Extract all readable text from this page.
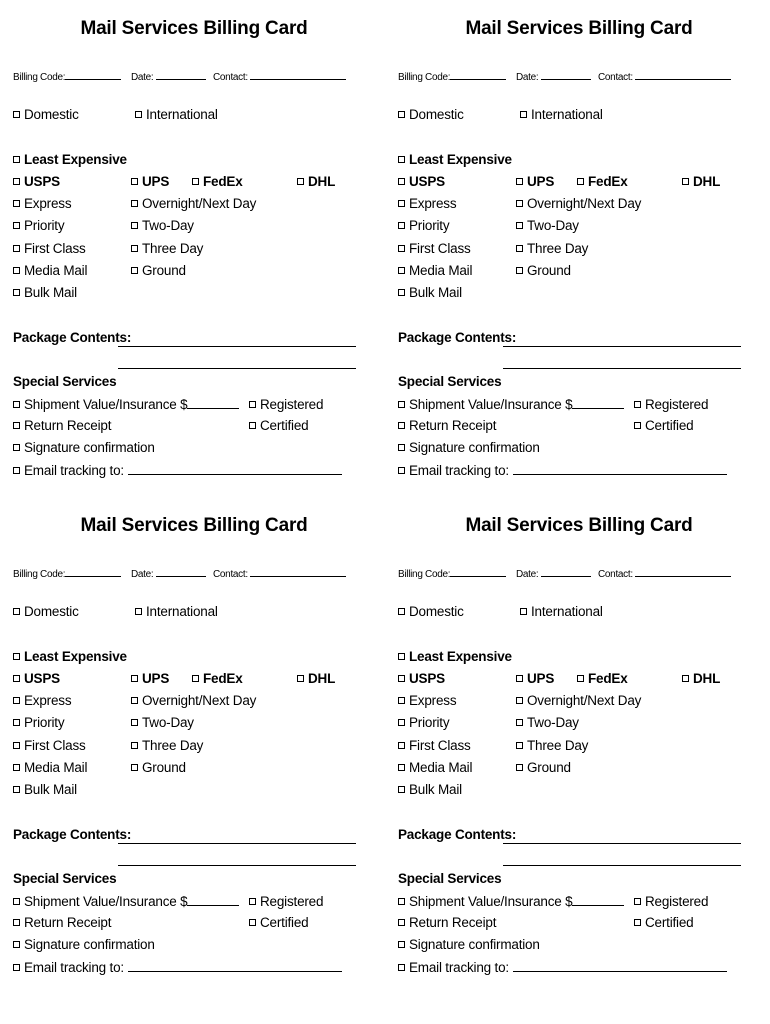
Mail Services Billing Card
Billing Code:	Date:	Contact:
Domestic	International
Least Expensive
USPS	UPS	FedEx	DHL
Express	Overnight/Next Day
Priority	Two-Day
First Class	Three Day
Media Mail	Ground
Bulk Mail
Package Contents:
Special Services
Shipment Value/Insurance $	Registered
Return Receipt	Certified
Signature confirmation
Email tracking to:
Mail Services Billing Card
Billing Code:	Date:	Contact:
Domestic	International
Least Expensive
USPS	UPS	FedEx	DHL
Express	Overnight/Next Day
Priority	Two-Day
First Class	Three Day
Media Mail	Ground
Bulk Mail
Package Contents:
Special Services
Shipment Value/Insurance $	Registered
Return Receipt	Certified
Signature confirmation
Email tracking to:
Mail Services Billing Card
Billing Code:	Date:	Contact:
Domestic	International
Least Expensive
USPS	UPS	FedEx	DHL
Express	Overnight/Next Day
Priority	Two-Day
First Class	Three Day
Media Mail	Ground
Bulk Mail
Package Contents:
Special Services
Shipment Value/Insurance $	Registered
Return Receipt	Certified
Signature confirmation
Email tracking to:
Mail Services Billing Card
Billing Code:	Date:	Contact:
Domestic	International
Least Expensive
USPS	UPS	FedEx	DHL
Express	Overnight/Next Day
Priority	Two-Day
First Class	Three Day
Media Mail	Ground
Bulk Mail
Package Contents:
Special Services
Shipment Value/Insurance $	Registered
Return Receipt	Certified
Signature confirmation
Email tracking to:
